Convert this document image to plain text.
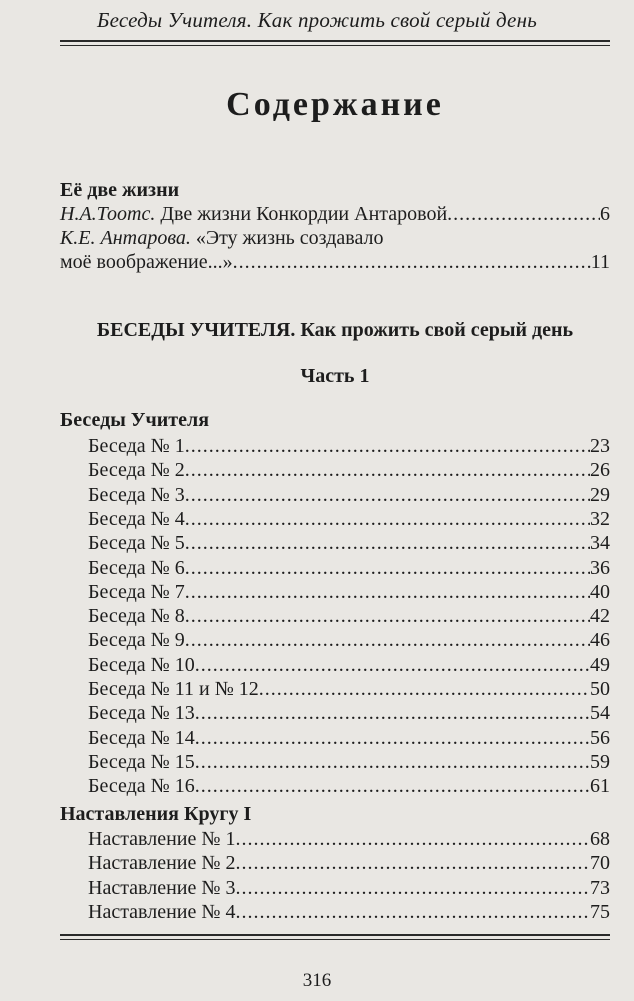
Беседы Учителя. Как прожить свой серый день
Содержание
Её две жизни
Н.А.Тоотс. Две жизни Конкордии Антаровой .....	6
К.Е. Антарова. «Эту жизнь создавало
моё воображение...» .....	11
БЕСЕДЫ УЧИТЕЛЯ. Как прожить свой серый день
Часть 1
Беседы Учителя
Беседа № 1 .....	23
Беседа № 2 .....	26
Беседа № 3 .....	29
Беседа № 4 .....	32
Беседа № 5 .....	34
Беседа № 6 .....	36
Беседа № 7 .....	40
Беседа № 8 .....	42
Беседа № 9 .....	46
Беседа № 10 .....	49
Беседа № 11 и № 12 .....	50
Беседа № 13 .....	54
Беседа № 14 .....	56
Беседа № 15 .....	59
Беседа № 16 .....	61
Наставления Кругу I
Наставление № 1 .....	68
Наставление № 2 .....	70
Наставление № 3 .....	73
Наставление № 4 .....	75
316
